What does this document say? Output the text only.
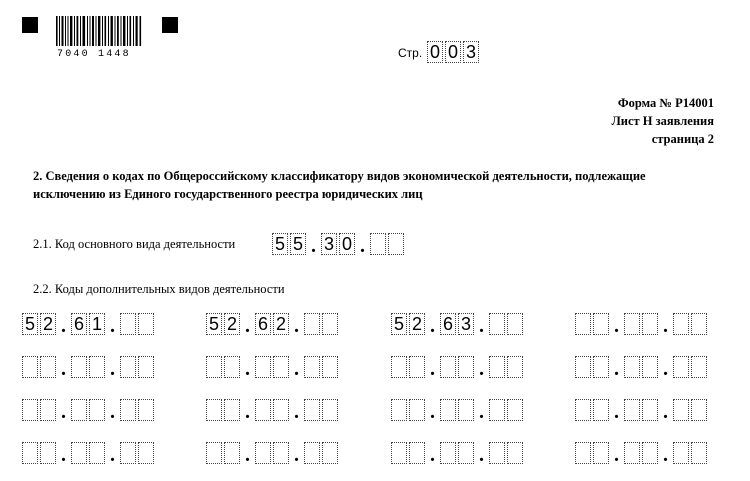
7040 1448	Стр. 0 0 3
Форма № Р14001
Лист Н заявления
страница 2
2. Сведения о кодах по Общероссийскому классификатору видов экономической деятельности, подлежащие исключению из Единого государственного реестра юридических лиц
2.1. Код основного вида деятельности 5 5 . 3 0 .
2.2. Коды дополнительных видов деятельности
5 2 . 6 1 .	5 2 . 6 2 .	5 2 . 6 3 .	. .
. .	. .	. .	. .
. .	. .	. .	. .
. .	. .	. .	. .
